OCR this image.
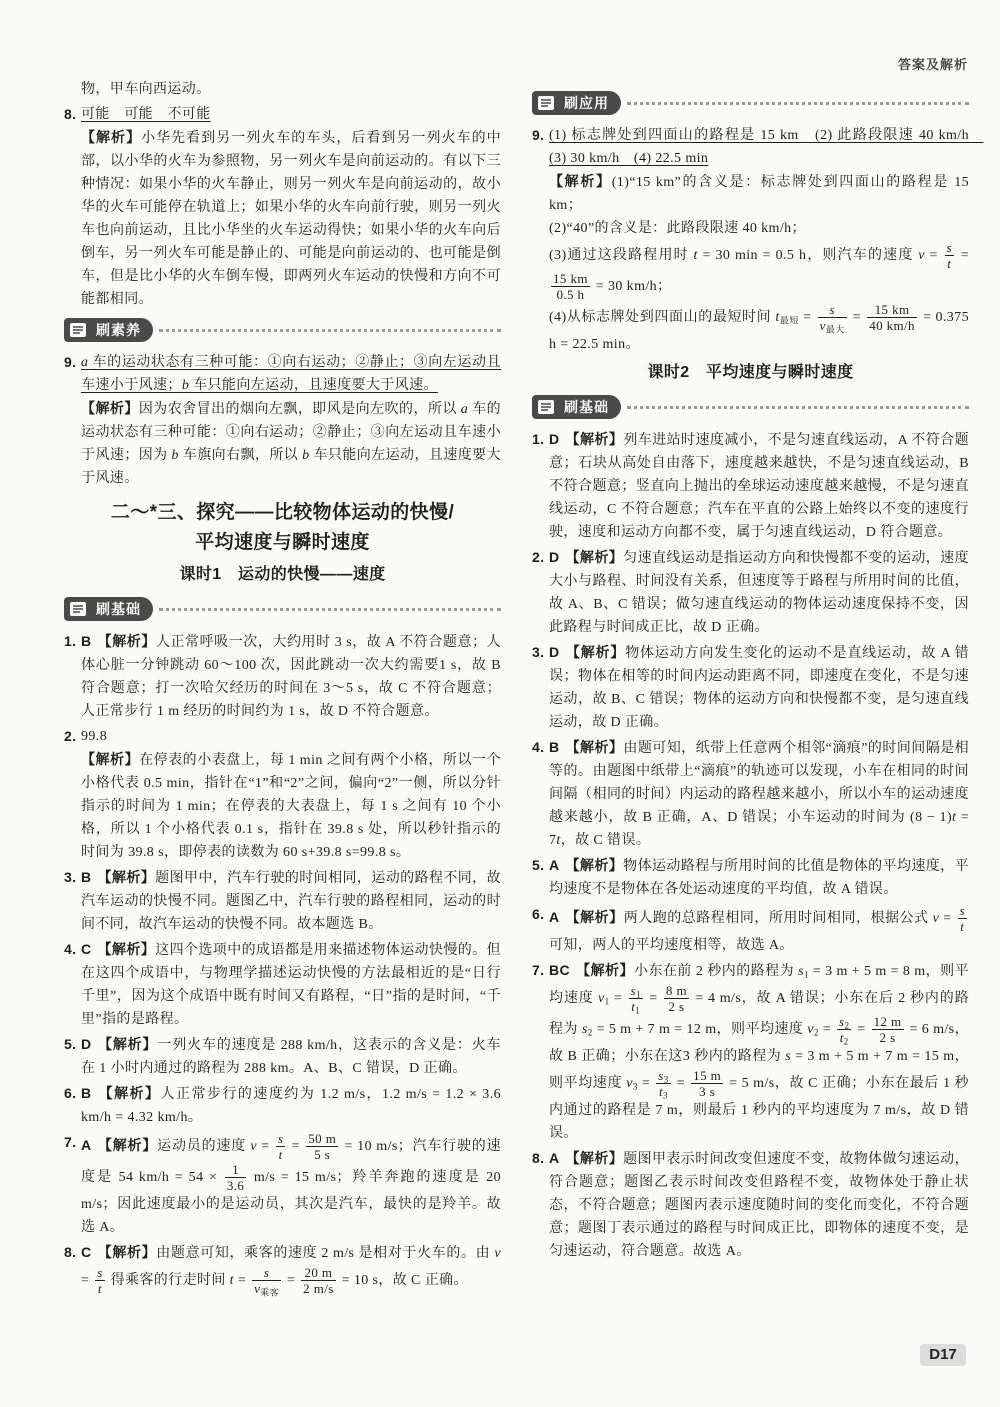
答案及解析
物，甲车向西运动。
8. 可能　可能　不可能
【解析】小华先看到另一列火车的车头，后看到另一列火车的中部，以小华的火车为参照物，另一列火车是向前运动的。有以下三种情况：如果小华的火车静止，则另一列火车是向前运动的，故小华的火车可能停在轨道上；如果小华的火车向前行驶，则另一列火车也向前运动，且比小华坐的火车运动得快；如果小华的火车向后倒车，另一列火车可能是静止的、可能是向前运动的、也可能是倒车，但是比小华的火车倒车慢，即两列火车运动的快慢和方向不可能都相同。
刷素养
9. a 车的运动状态有三种可能：①向右运动；②静止；③向左运动且车速小于风速；b 车只能向左运动，且速度要大于风速。
【解析】因为农舍冒出的烟向左飘，即风是向左吹的，所以 a 车的运动状态有三种可能：①向右运动；②静止；③向左运动且车速小于风速；因为 b 车旗向右飘，所以 b 车只能向左运动，且速度要大于风速。
二～*三、探究——比较物体运动的快慢/
平均速度与瞬时速度
课时1　运动的快慢——速度
刷基础
1. B 【解析】人正常呼吸一次，大约用时 3 s，故 A 不符合题意；人体心脏一分钟跳动 60～100 次，因此跳动一次大约需要1 s，故 B 符合题意；打一次哈欠经历的时间在 3～5 s，故 C 不符合题意；人正常步行 1 m 经历的时间约为 1 s，故 D 不符合题意。
2. 99.8
【解析】在停表的小表盘上，每 1 min 之间有两个小格，所以一个小格代表 0.5 min，指针在“1”和“2”之间，偏向“2”一侧，所以分针指示的时间为 1 min；在停表的大表盘上，每 1 s 之间有 10 个小格，所以 1 个小格代表 0.1 s，指针在 39.8 s 处，所以秒针指示的时间为 39.8 s，即停表的读数为 60 s+39.8 s=99.8 s。
3. B 【解析】题图甲中，汽车行驶的时间相同，运动的路程不同，故汽车运动的快慢不同。题图乙中，汽车行驶的路程相同，运动的时间不同，故汽车运动的快慢不同。故本题选 B。
4. C 【解析】这四个选项中的成语都是用来描述物体运动快慢的。但在这四个成语中，与物理学描述运动快慢的方法最相近的是“日行千里”，因为这个成语中既有时间又有路程，“日”指的是时间，“千里”指的是路程。
5. D 【解析】一列火车的速度是 288 km/h，这表示的含义是：火车在 1 小时内通过的路程为 288 km。A、B、C 错误，D 正确。
6. B 【解析】人正常步行的速度约为 1.2 m/s，1.2 m/s = 1.2 × 3.6 km/h = 4.32 km/h。
7. A 【解析】运动员的速度 $v = \frac{s}{t} = \frac{50 m}{5 s} = 10$ m/s；汽车行驶的速度是 54 $km/h = 54 \times \frac{1}{3.6} m/s = 15$ m/s；羚羊奔跑的速度是 20 m/s；因此速度最小的是运动员，其次是汽车，最快的是羚羊。故选 A。
8. C 【解析】由题意可知，乘客的速度 2 m/s 是相对于火车的。由 $v = \frac{s}{t}$ 得乘客的行走时间 $t = \frac{s}{v_{乘客}} = \frac{20 m}{2 m/s} = 10$ s，故 C 正确。
刷应用
9. (1) 标志牌处到四面山的路程是 15 km　(2) 此路段限速 40 km/h　(3) 30 km/h　(4) 22.5 min
【解析】(1)“15 km”的含义是：标志牌处到四面山的路程是 15 km；
(2)“40”的含义是：此路段限速 40 km/h；
(3)通过这段路程用时 t = 30 min = 0.5 h，则汽车的速度 $v = \frac{s}{t}$ =
$\frac{15 km}{0.5 h} = 30$ km/h；
(4)从标志牌处到四面山的最短时间 $t_{最短} = \frac{s}{v_{最大}} = \frac{15 km}{40 km/h} = 0.375$ h = 22.5 min。
课时2　平均速度与瞬时速度
刷基础
1. D 【解析】列车进站时速度减小，不是匀速直线运动，A 不符合题意；石块从高处自由落下，速度越来越快，不是匀速直线运动，B 不符合题意；竖直向上抛出的垒球运动速度越来越慢，不是匀速直线运动，C 不符合题意；汽车在平直的公路上始终以不变的速度行驶，速度和运动方向都不变，属于匀速直线运动，D 符合题意。
2. D 【解析】匀速直线运动是指运动方向和快慢都不变的运动，速度大小与路程、时间没有关系，但速度等于路程与所用时间的比值，故 A、B、C 错误；做匀速直线运动的物体运动速度保持不变，因此路程与时间成正比，故 D 正确。
3. D 【解析】物体运动方向发生变化的运动不是直线运动，故 A 错误；物体在相等的时间内运动距离不同，即速度在变化，不是匀速运动，故 B、C 错误；物体的运动方向和快慢都不变，是匀速直线运动，故 D 正确。
4. B 【解析】由题可知，纸带上任意两个相邻“滴痕”的时间间隔是相等的。由题图中纸带上“滴痕”的轨迹可以发现，小车在相同的时间间隔（相同的时间）内运动的路程越来越小，所以小车的运动速度越来越小，故 B 正确，A、D 错误；小车运动的时间为 (8 − 1)t = 7t，故 C 错误。
5. A 【解析】物体运动路程与所用时间的比值是物体的平均速度，平均速度不是物体在各处运动速度的平均值，故 A 错误。
6. A 【解析】两人跑的总路程相同，所用时间相同，根据公式 $v = \frac{s}{t}$
可知，两人的平均速度相等，故选 A。
7. BC 【解析】小东在前 2 秒内的路程为 $s_1 = 3$ m + 5 m = 8 m，则平均速度 $v_1 = \frac{s_1}{t_1} = \frac{8 m}{2 s} = 4$ m/s，故 A 错误；小东在后 2 秒内的路程为 $s_2 = 5$ m + 7 m = 12 m，则平均速度 $v_2 = \frac{s_2}{t_2} = \frac{12 m}{2 s} = 6$ m/s，故 B 正确；小东在这3 秒内的路程为 s = 3 m + 5 m + 7 m = 15 m，则平均速度 $v_3 = \frac{s_3}{t_3} = \frac{15 m}{3 s} = 5$ m/s，故 C 正确；小东在最后 1 秒内通过的路程是 7 m，则最后 1 秒内的平均速度为 7 m/s，故 D 错误。
8. A 【解析】题图甲表示时间改变但速度不变，故物体做匀速运动，符合题意；题图乙表示时间改变但路程不变，故物体处于静止状态，不符合题意；题图丙表示速度随时间的变化而变化，不符合题意；题图丁表示通过的路程与时间成正比，即物体的速度不变，是匀速运动，符合题意。故选 A。
D17
